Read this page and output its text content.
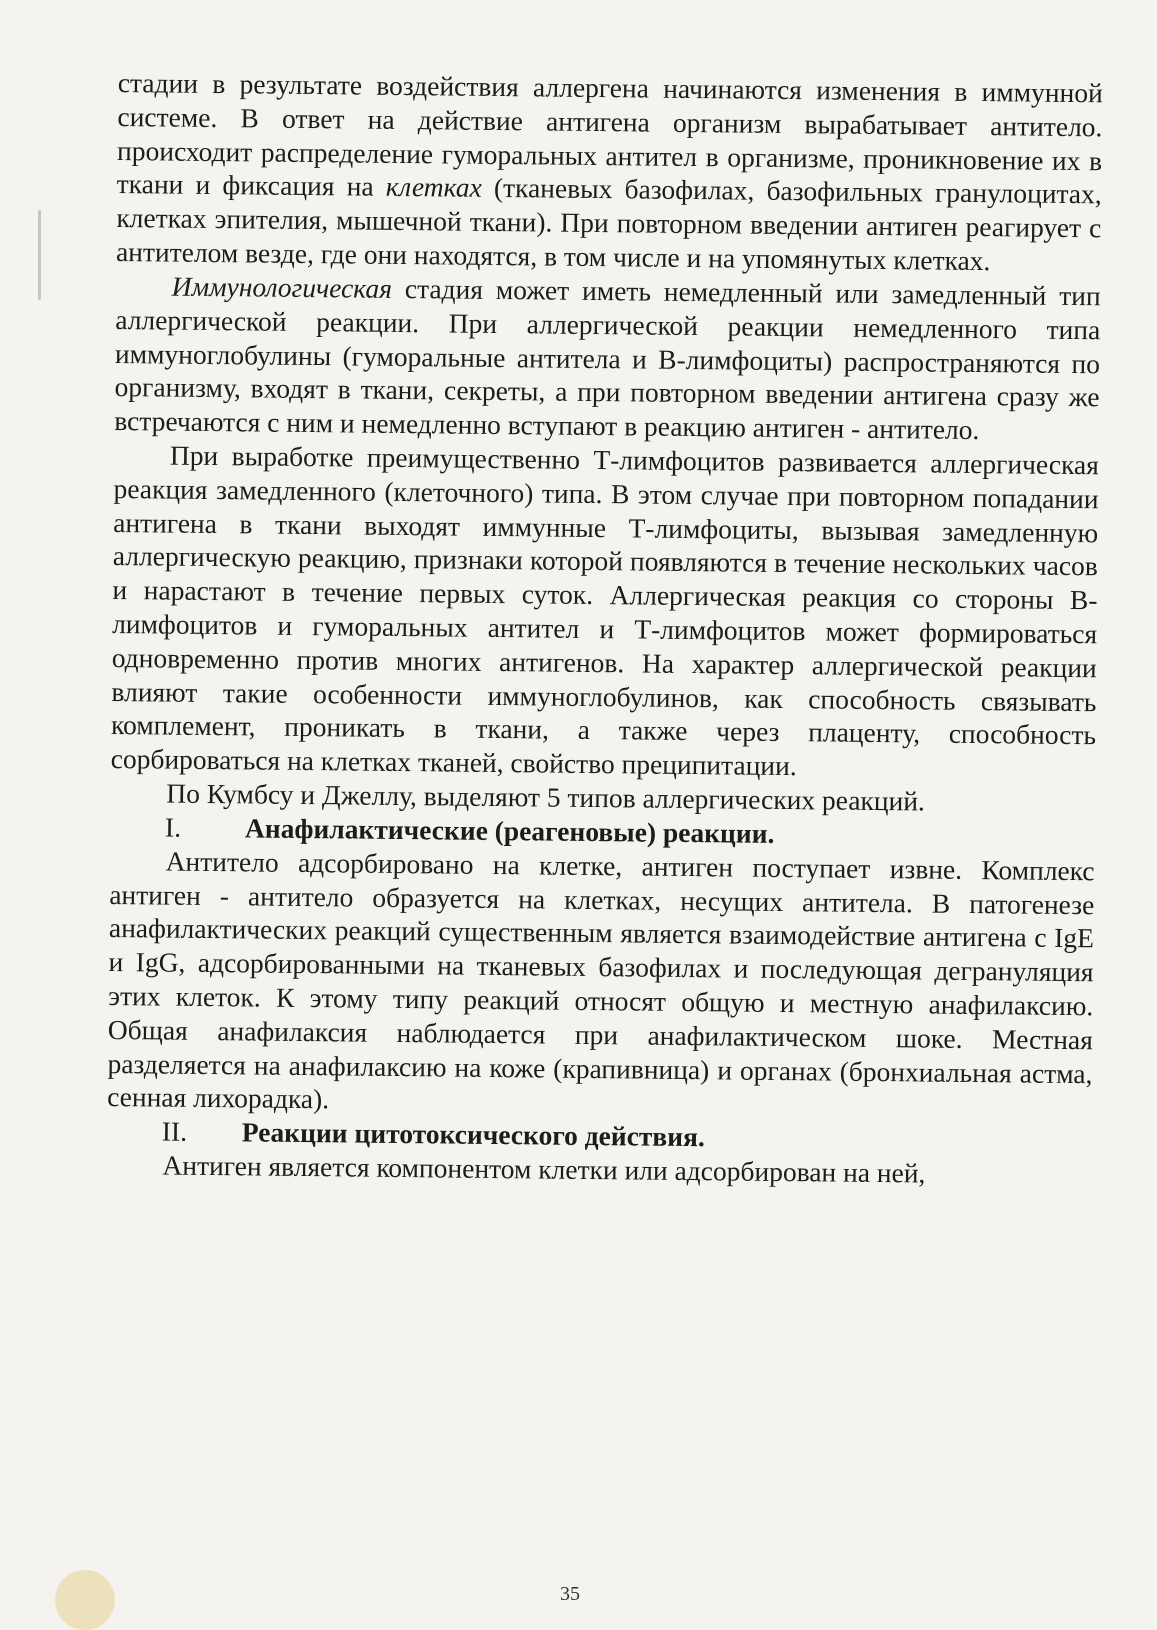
стадии в результате воздействия аллергена начинаются изменения в иммунной системе. В ответ на действие антигена организм вырабатывает антитело. происходит распределение гуморальных антител в организме, проникновение их в ткани и фиксация на клетках (тканевых базофилах, базофильных гранулоцитах, клетках эпителия, мышечной ткани). При повторном введении антиген реагирует с антителом везде, где они находятся, в том числе и на упомянутых клетках.

Иммунологическая стадия может иметь немедленный или замедленный тип аллергической реакции. При аллергической реакции немедленного типа иммуноглобулины (гуморальные антитела и В-лимфоциты) распространяются по организму, входят в ткани, секреты, а при повторном введении антигена сразу же встречаются с ним и немедленно вступают в реакцию антиген - антитело.

При выработке преимущественно Т-лимфоцитов развивается аллергическая реакция замедленного (клеточного) типа. В этом случае при повторном попадании антигена в ткани выходят иммунные Т-лимфоциты, вызывая замедленную аллергическую реакцию, признаки которой появляются в течение нескольких часов и нарастают в течение первых суток. Аллергическая реакция со стороны В-лимфоцитов и гуморальных антител и Т-лимфоцитов может формироваться одновременно против многих антигенов. На характер аллергической реакции влияют такие особенности иммуноглобулинов, как способность связывать комплемент, проникать в ткани, а также через плаценту, способность сорбироваться на клетках тканей, свойство преципитации.

По Кумбсу и Джеллу, выделяют 5 типов аллергических реакций.

I.	Анафилактические (реагеновые) реакции.

Антитело адсорбировано на клетке, антиген поступает извне. Комплекс антиген - антитело образуется на клетках, несущих антитела. В патогенезе анафилактических реакций существенным является взаимодействие антигена с IgE и IgG, адсорбированными на тканевых базофилах и последующая дегрануляция этих клеток. К этому типу реакций относят общую и местную анафилаксию. Общая анафилаксия наблюдается при анафилактическом шоке. Местная разделяется на анафилаксию на коже (крапивница) и органах (бронхиальная астма, сенная лихорадка).

II.	Реакции цитотоксического действия.

Антиген является компонентом клетки или адсорбирован на ней,

35
